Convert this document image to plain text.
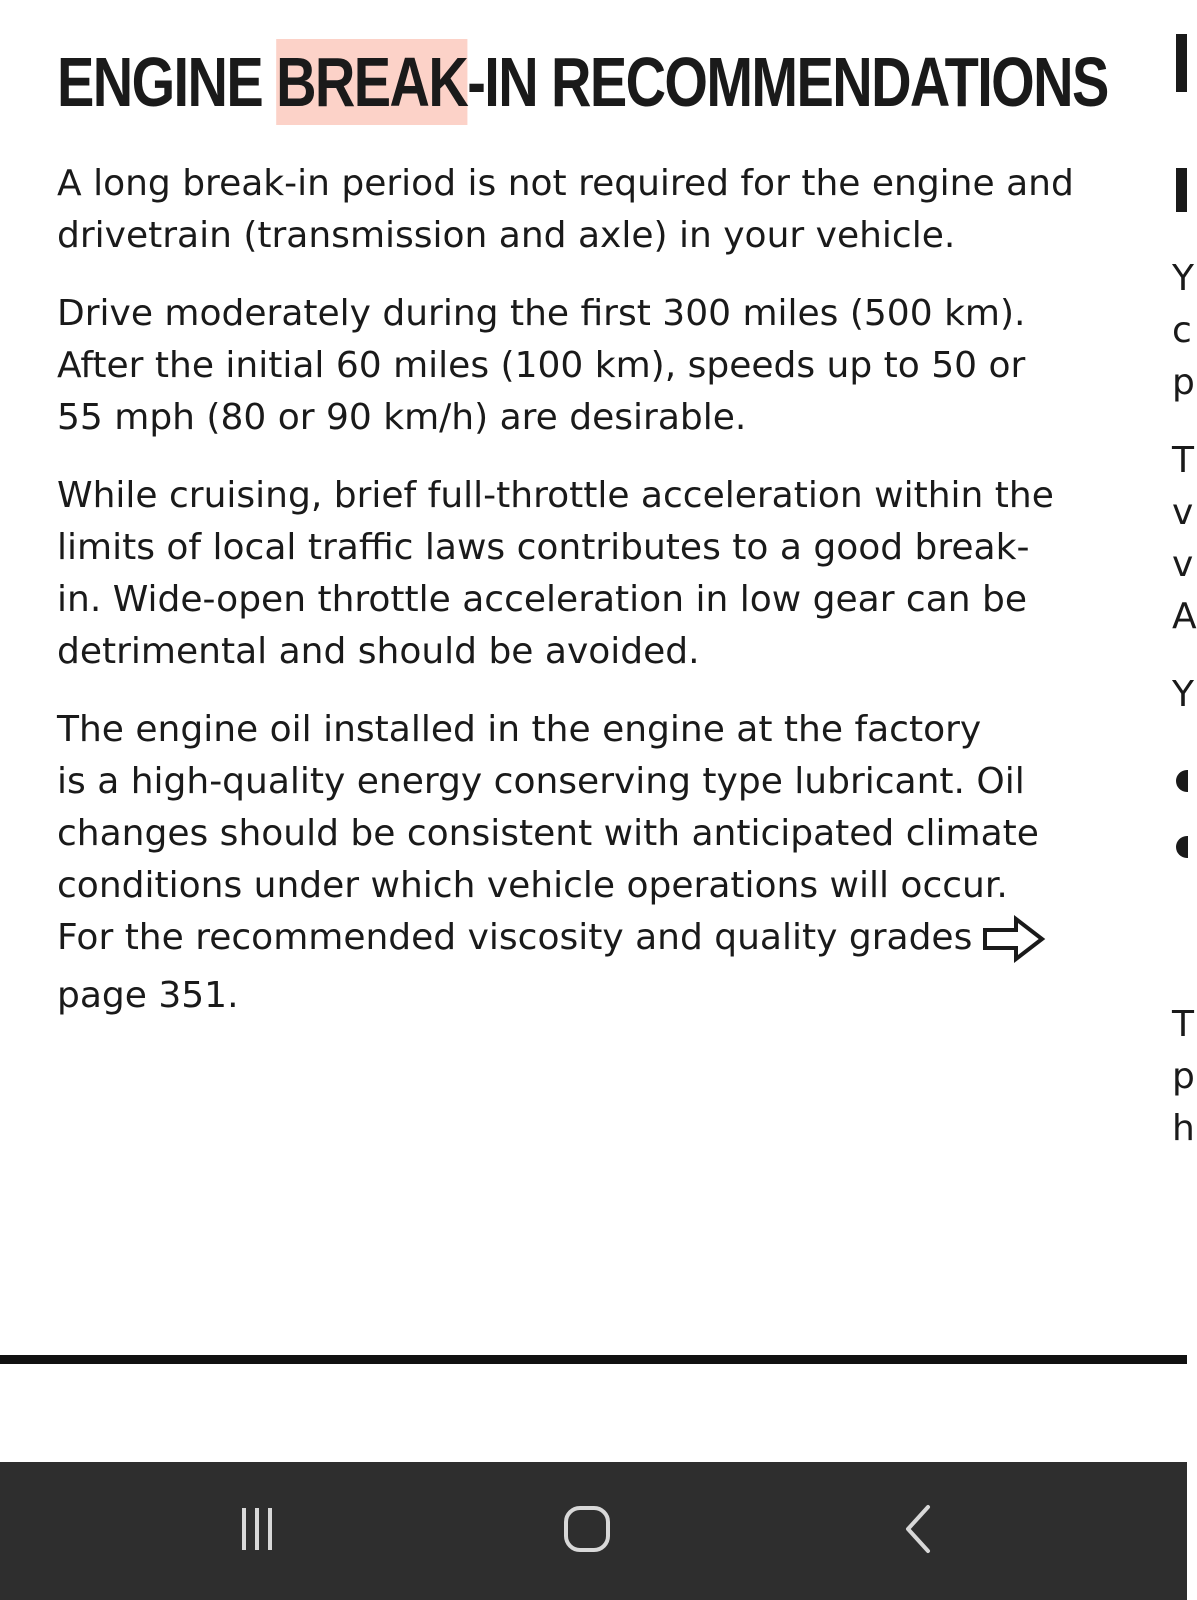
ENGINE BREAK-IN RECOMMENDATIONS

A long break-in period is not required for the engine and
drivetrain (transmission and axle) in your vehicle.

Drive moderately during the first 300 miles (500 km).
After the initial 60 miles (100 km), speeds up to 50 or
55 mph (80 or 90 km/h) are desirable.

While cruising, brief full-throttle acceleration within the
limits of local traffic laws contributes to a good break-
in. Wide-open throttle acceleration in low gear can be
detrimental and should be avoided.

The engine oil installed in the engine at the factory
is a high-quality energy conserving type lubricant. Oil
changes should be consistent with anticipated climate
conditions under which vehicle operations will occur.
For the recommended viscosity and quality grades
page 351.

Y
c
p
T
v
v
A
Y
T
p
h
